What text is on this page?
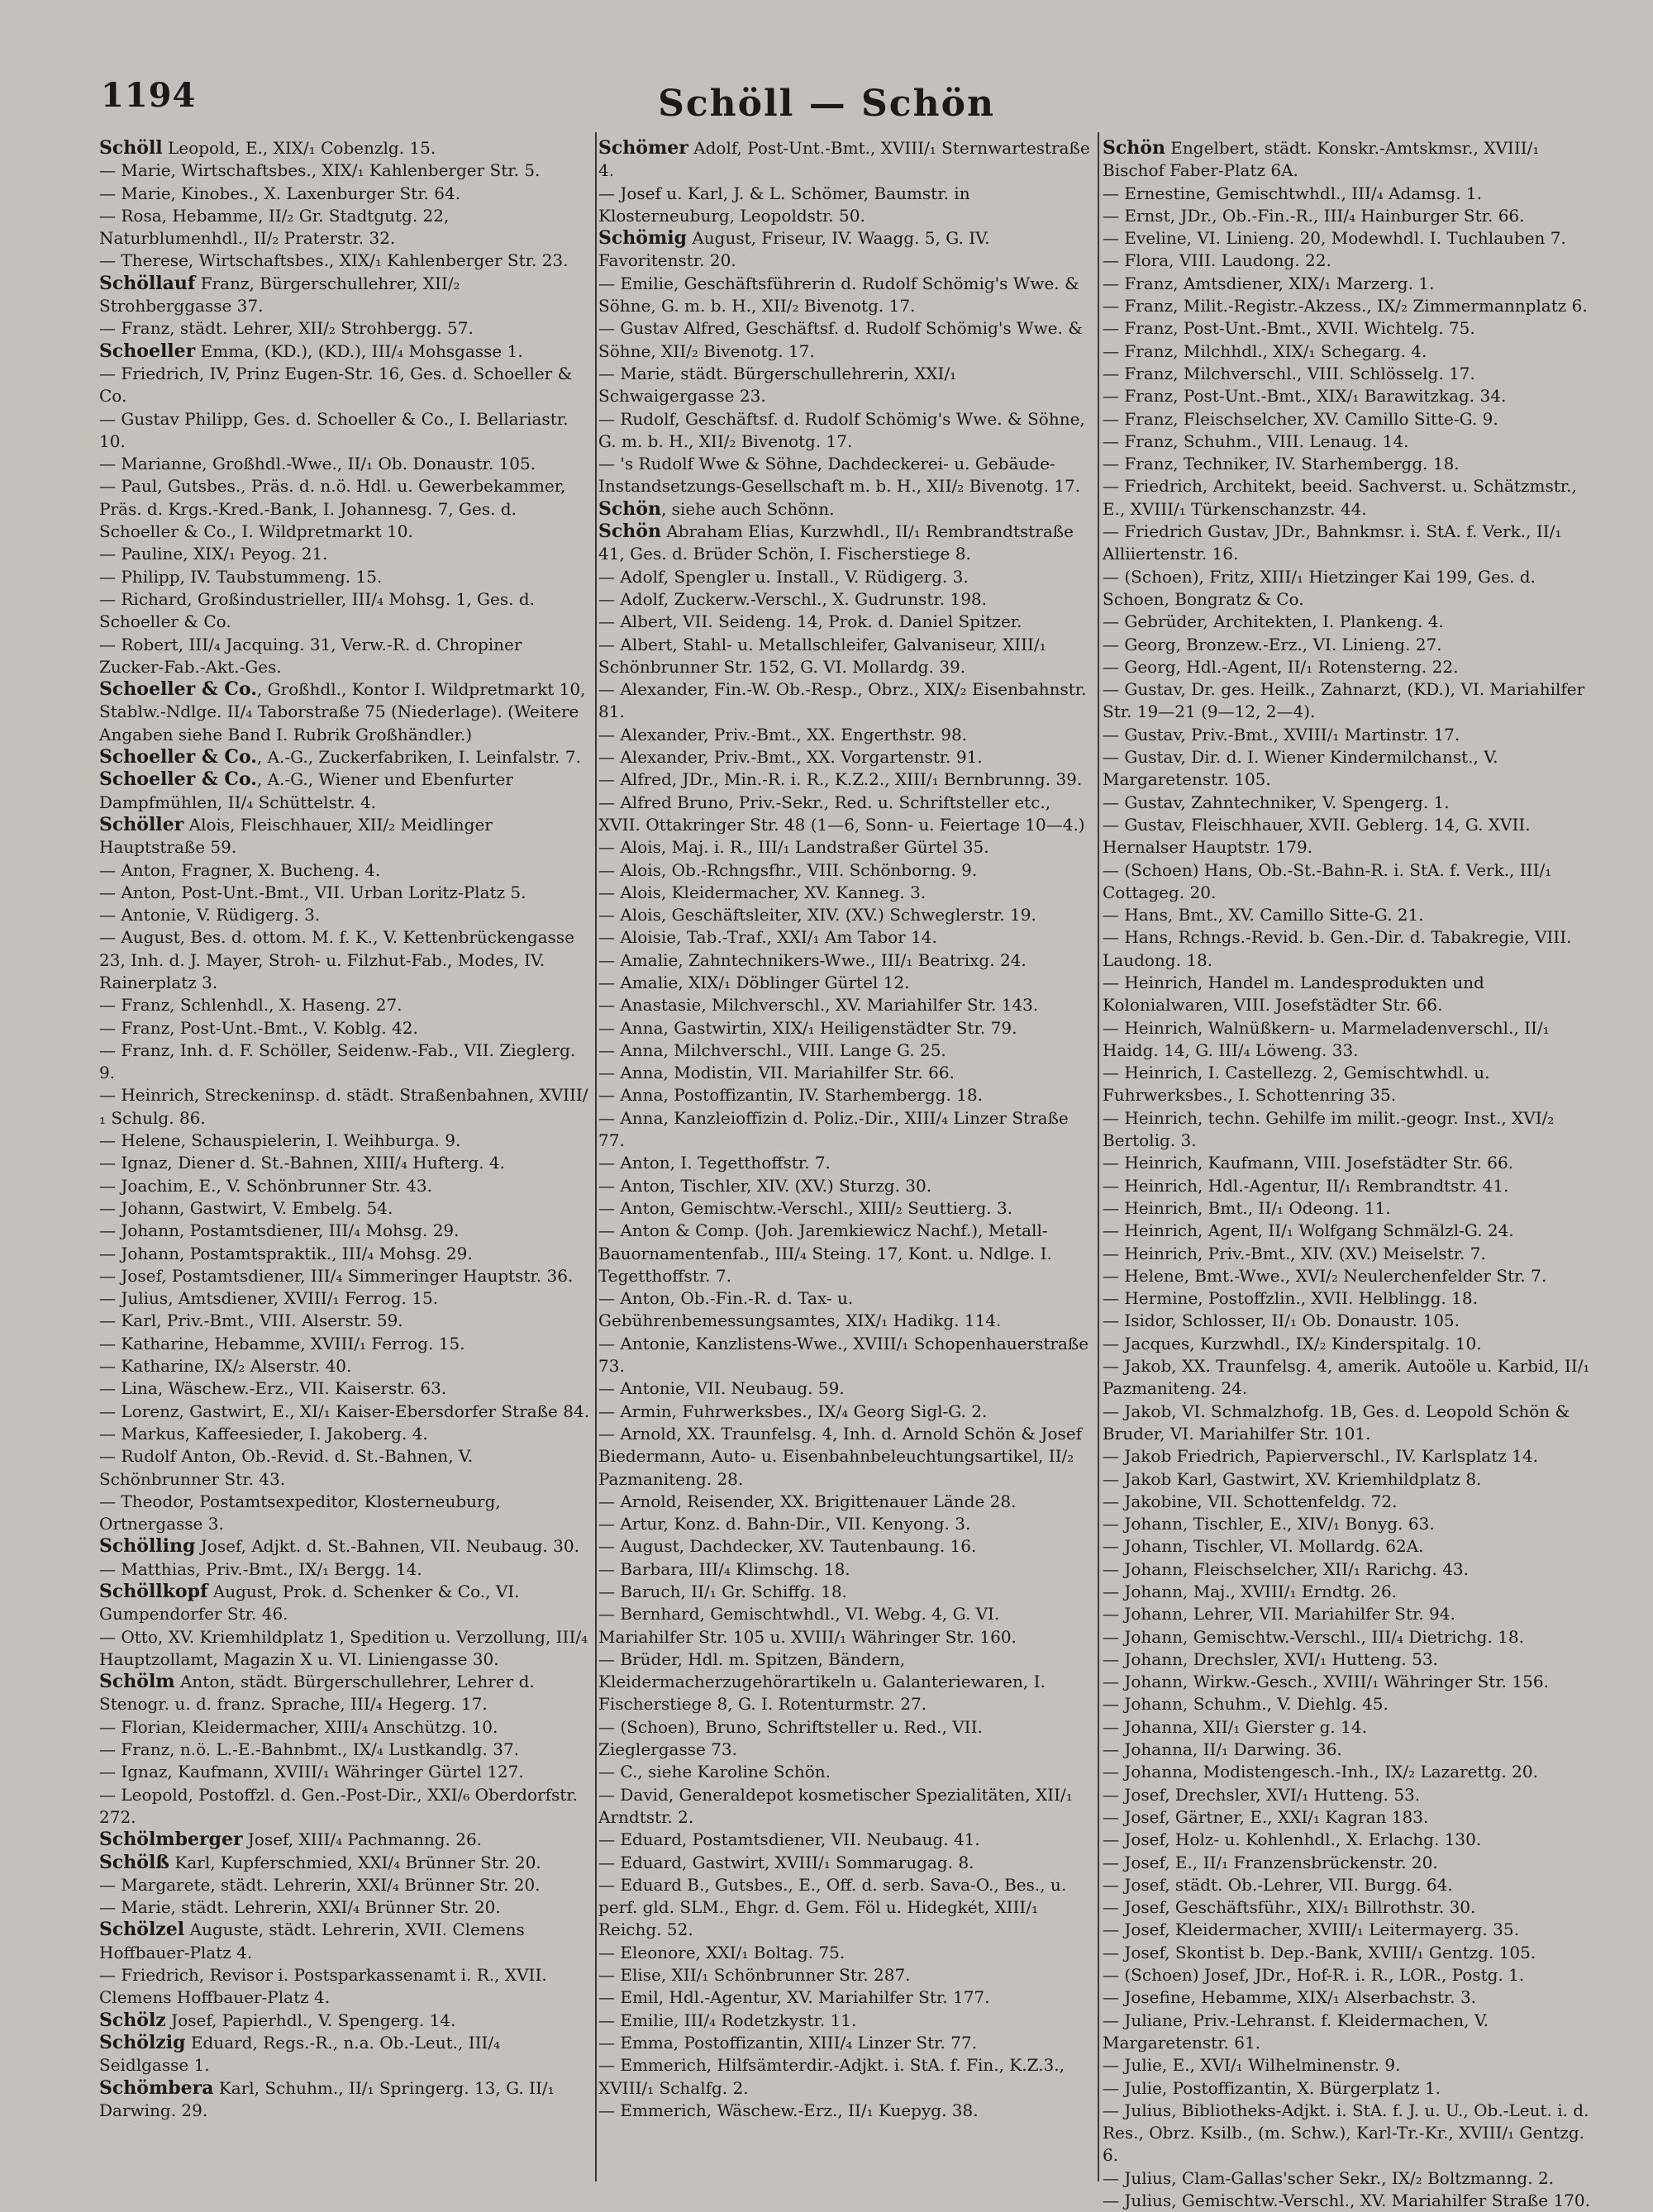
1194	Schöll — Schön

Schöll Leopold, E., XIX/₁ Cobenzlg. 15.

— Marie, Wirtschaftsbes., XIX/₁ Kahlenberger Str. 5.

— Marie, Kinobes., X. Laxenburger Str. 64.

— Rosa, Hebamme, II/₂ Gr. Stadtgutg. 22, Naturblumenhdl., II/₂ Praterstr. 32.

— Therese, Wirtschaftsbes., XIX/₁ Kahlenberger Str. 23.

Schöllauf Franz, Bürgerschullehrer, XII/₂ Strohberggasse 37.

— Franz, städt. Lehrer, XII/₂ Strohbergg. 57.

Schoeller Emma, (KD.), (KD.), III/₄ Mohsgasse 1.

— Friedrich, IV, Prinz Eugen-Str. 16, Ges. d. Schoeller & Co.

— Gustav Philipp, Ges. d. Schoeller & Co., I. Bellariastr. 10.

— Marianne, Großhdl.-Wwe., II/₁ Ob. Donaustr. 105.

— Paul, Gutsbes., Präs. d. n.ö. Hdl. u. Gewerbekammer, Präs. d. Krgs.-Kred.-Bank, I. Johannesg. 7, Ges. d. Schoeller & Co., I. Wildpretmarkt 10.

— Pauline, XIX/₁ Peyog. 21.

— Philipp, IV. Taubstummeng. 15.

— Richard, Großindustrieller, III/₄ Mohsg. 1, Ges. d. Schoeller & Co.

— Robert, III/₄ Jacquing. 31, Verw.-R. d. Chropiner Zucker-Fab.-Akt.-Ges.

Schoeller & Co., Großhdl., Kontor I. Wildpretmarkt 10, Stablw.-Ndlge. II/₄ Taborstraße 75 (Niederlage). (Weitere Angaben siehe Band I. Rubrik Großhändler.)

Schoeller & Co., A.-G., Zuckerfabriken, I. Leinfalstr. 7.

Schoeller & Co., A.-G., Wiener und Ebenfurter Dampfmühlen, II/₄ Schüttelstr. 4.

Schöller Alois, Fleischhauer, XII/₂ Meidlinger Hauptstraße 59.

— Anton, Fragner, X. Bucheng. 4.

— Anton, Post-Unt.-Bmt., VII. Urban Loritz-Platz 5.

— Antonie, V. Rüdigerg. 3.

— August, Bes. d. ottom. M. f. K., V. Kettenbrückengasse 23, Inh. d. J. Mayer, Stroh- u. Filzhut-Fab., Modes, IV. Rainerplatz 3.

— Franz, Schlenhdl., X. Haseng. 27.

— Franz, Post-Unt.-Bmt., V. Koblg. 42.

— Franz, Inh. d. F. Schöller, Seidenw.-Fab., VII. Zieglerg. 9.

— Heinrich, Streckeninsp. d. städt. Straßenbahnen, XVIII/₁ Schulg. 86.

— Helene, Schauspielerin, I. Weihburga. 9.

— Ignaz, Diener d. St.-Bahnen, XIII/₄ Hufterg. 4.

— Joachim, E., V. Schönbrunner Str. 43.

— Johann, Gastwirt, V. Embelg. 54.

— Johann, Postamtsdiener, III/₄ Mohsg. 29.

— Johann, Postamtspraktik., III/₄ Mohsg. 29.

— Josef, Postamtsdiener, III/₄ Simmeringer Hauptstr. 36.

— Julius, Amtsdiener, XVIII/₁ Ferrog. 15.

— Karl, Priv.-Bmt., VIII. Alserstr. 59.

— Katharine, Hebamme, XVIII/₁ Ferrog. 15.

— Katharine, IX/₂ Alserstr. 40.

— Lina, Wäschew.-Erz., VII. Kaiserstr. 63.

— Lorenz, Gastwirt, E., XI/₁ Kaiser-Ebersdorfer Straße 84.

— Markus, Kaffeesieder, I. Jakoberg. 4.

— Rudolf Anton, Ob.-Revid. d. St.-Bahnen, V. Schönbrunner Str. 43.

— Theodor, Postamtsexpeditor, Klosterneuburg, Ortnergasse 3.

Schölling Josef, Adjkt. d. St.-Bahnen, VII. Neubaug. 30.

— Matthias, Priv.-Bmt., IX/₁ Bergg. 14.

Schöllkopf August, Prok. d. Schenker & Co., VI. Gumpendorfer Str. 46.

— Otto, XV. Kriemhildplatz 1, Spedition u. Verzollung, III/₄ Hauptzollamt, Magazin X u. VI. Liniengasse 30.

Schölm Anton, städt. Bürgerschullehrer, Lehrer d. Stenogr. u. d. franz. Sprache, III/₄ Hegerg. 17.

— Florian, Kleidermacher, XIII/₄ Anschützg. 10.

— Franz, n.ö. L.-E.-Bahnbmt., IX/₄ Lustkandlg. 37.

— Ignaz, Kaufmann, XVIII/₁ Währinger Gürtel 127.

— Leopold, Postoffzl. d. Gen.-Post-Dir., XXI/₆ Oberdorfstr. 272.

Schölmberger Josef, XIII/₄ Pachmanng. 26.

Schölß Karl, Kupferschmied, XXI/₄ Brünner Str. 20.

— Margarete, städt. Lehrerin, XXI/₄ Brünner Str. 20.

— Marie, städt. Lehrerin, XXI/₄ Brünner Str. 20.

Schölzel Auguste, städt. Lehrerin, XVII. Clemens Hoffbauer-Platz 4.

— Friedrich, Revisor i. Postsparkassenamt i. R., XVII. Clemens Hoffbauer-Platz 4.

Schölz Josef, Papierhdl., V. Spengerg. 14.

Schölzig Eduard, Regs.-R., n.a. Ob.-Leut., III/₄ Seidlgasse 1.

Schömbera Karl, Schuhm., II/₁ Springerg. 13, G. II/₁ Darwing. 29.

Schömer Adolf, Post-Unt.-Bmt., XVIII/₁ Sternwartestraße 4.

— Josef u. Karl, J. & L. Schömer, Baumstr. in Klosterneuburg, Leopoldstr. 50.

Schömig August, Friseur, IV. Waagg. 5, G. IV. Favoritenstr. 20.

— Emilie, Geschäftsführerin d. Rudolf Schömig's Wwe. & Söhne, G. m. b. H., XII/₂ Bivenotg. 17.

— Gustav Alfred, Geschäftsf. d. Rudolf Schömig's Wwe. & Söhne, XII/₂ Bivenotg. 17.

— Marie, städt. Bürgerschullehrerin, XXI/₁ Schwaigergasse 23.

— Rudolf, Geschäftsf. d. Rudolf Schömig's Wwe. & Söhne, G. m. b. H., XII/₂ Bivenotg. 17.

— 's Rudolf Wwe & Söhne, Dachdeckerei- u. Gebäude-Instandsetzungs-Gesellschaft m. b. H., XII/₂ Bivenotg. 17.

Schön, siehe auch Schönn.

Schön Abraham Elias, Kurzwhdl., II/₁ Rembrandtstraße 41, Ges. d. Brüder Schön, I. Fischerstiege 8.

— Adolf, Spengler u. Install., V. Rüdigerg. 3.

— Adolf, Zuckerw.-Verschl., X. Gudrunstr. 198.

— Albert, VII. Seideng. 14, Prok. d. Daniel Spitzer.

— Albert, Stahl- u. Metallschleifer, Galvaniseur, XIII/₁ Schönbrunner Str. 152, G. VI. Mollardg. 39.

— Alexander, Fin.-W. Ob.-Resp., Obrz., XIX/₂ Eisenbahnstr. 81.

— Alexander, Priv.-Bmt., XX. Engerthstr. 98.

— Alexander, Priv.-Bmt., XX. Vorgartenstr. 91.

— Alfred, JDr., Min.-R. i. R., K.Z.2., XIII/₁ Bernbrunng. 39.

— Alfred Bruno, Priv.-Sekr., Red. u. Schriftsteller etc., XVII. Ottakringer Str. 48 (1—6, Sonn- u. Feiertage 10—4.)

— Alois, Maj. i. R., III/₁ Landstraßer Gürtel 35.

— Alois, Ob.-Rchngsfhr., VIII. Schönborng. 9.

— Alois, Kleidermacher, XV. Kanneg. 3.

— Alois, Geschäftsleiter, XIV. (XV.) Schweglerstr. 19.

— Aloisie, Tab.-Traf., XXI/₁ Am Tabor 14.

— Amalie, Zahntechnikers-Wwe., III/₁ Beatrixg. 24.

— Amalie, XIX/₁ Döblinger Gürtel 12.

— Anastasie, Milchverschl., XV. Mariahilfer Str. 143.

— Anna, Gastwirtin, XIX/₁ Heiligenstädter Str. 79.

— Anna, Milchverschl., VIII. Lange G. 25.

— Anna, Modistin, VII. Mariahilfer Str. 66.

— Anna, Postoffizantin, IV. Starhembergg. 18.

— Anna, Kanzleioffizin d. Poliz.-Dir., XIII/₄ Linzer Straße 77.

— Anton, I. Tegetthoffstr. 7.

— Anton, Tischler, XIV. (XV.) Sturzg. 30.

— Anton, Gemischtw.-Verschl., XIII/₂ Seuttierg. 3.

— Anton & Comp. (Joh. Jaremkiewicz Nachf.), Metall-Bauornamentenfab., III/₄ Steing. 17, Kont. u. Ndlge. I. Tegetthoffstr. 7.

— Anton, Ob.-Fin.-R. d. Tax- u. Gebührenbemessungsamtes, XIX/₁ Hadikg. 114.

— Antonie, Kanzlistens-Wwe., XVIII/₁ Schopenhauerstraße 73.

— Antonie, VII. Neubaug. 59.

— Armin, Fuhrwerksbes., IX/₄ Georg Sigl-G. 2.

— Arnold, XX. Traunfelsg. 4, Inh. d. Arnold Schön & Josef Biedermann, Auto- u. Eisenbahnbeleuchtungsartikel, II/₂ Pazmaniteng. 28.

— Arnold, Reisender, XX. Brigittenauer Lände 28.

— Artur, Konz. d. Bahn-Dir., VII. Kenyong. 3.

— August, Dachdecker, XV. Tautenbaung. 16.

— Barbara, III/₄ Klimschg. 18.

— Baruch, II/₁ Gr. Schiffg. 18.

— Bernhard, Gemischtwhdl., VI. Webg. 4, G. VI. Mariahilfer Str. 105 u. XVIII/₁ Währinger Str. 160.

— Brüder, Hdl. m. Spitzen, Bändern, Kleidermacherzugehörartikeln u. Galanteriewaren, I. Fischerstiege 8, G. I. Rotenturmstr. 27.

— (Schoen), Bruno, Schriftsteller u. Red., VII. Zieglergasse 73.

— C., siehe Karoline Schön.

— David, Generaldepot kosmetischer Spezialitäten, XII/₁ Arndtstr. 2.

— Eduard, Postamtsdiener, VII. Neubaug. 41.

— Eduard, Gastwirt, XVIII/₁ Sommarugag. 8.

— Eduard B., Gutsbes., E., Off. d. serb. Sava-O., Bes., u. perf. gld. SLM., Ehgr. d. Gem. Föl u. Hidegkét, XIII/₁ Reichg. 52.

— Eleonore, XXI/₁ Boltag. 75.

— Elise, XII/₁ Schönbrunner Str. 287.

— Emil, Hdl.-Agentur, XV. Mariahilfer Str. 177.

— Emilie, III/₄ Rodetzkystr. 11.

— Emma, Postoffizantin, XIII/₄ Linzer Str. 77.

— Emmerich, Hilfsämterdir.-Adjkt. i. StA. f. Fin., K.Z.3., XVIII/₁ Schalfg. 2.

— Emmerich, Wäschew.-Erz., II/₁ Kuepyg. 38.

Schön Engelbert, städt. Konskr.-Amtskmsr., XVIII/₁ Bischof Faber-Platz 6A.

— Ernestine, Gemischtwhdl., III/₄ Adamsg. 1.

— Ernst, JDr., Ob.-Fin.-R., III/₄ Hainburger Str. 66.

— Eveline, VI. Linieng. 20, Modewhdl. I. Tuchlauben 7.

— Flora, VIII. Laudong. 22.

— Franz, Amtsdiener, XIX/₁ Marzerg. 1.

— Franz, Milit.-Registr.-Akzess., IX/₂ Zimmermannplatz 6.

— Franz, Post-Unt.-Bmt., XVII. Wichtelg. 75.

— Franz, Milchhdl., XIX/₁ Schegarg. 4.

— Franz, Milchverschl., VIII. Schlösselg. 17.

— Franz, Post-Unt.-Bmt., XIX/₁ Barawitzkag. 34.

— Franz, Fleischselcher, XV. Camillo Sitte-G. 9.

— Franz, Schuhm., VIII. Lenaug. 14.

— Franz, Techniker, IV. Starhembergg. 18.

— Friedrich, Architekt, beeid. Sachverst. u. Schätzmstr., E., XVIII/₁ Türkenschanzstr. 44.

— Friedrich Gustav, JDr., Bahnkmsr. i. StA. f. Verk., II/₁ Alliiertenstr. 16.

— (Schoen), Fritz, XIII/₁ Hietzinger Kai 199, Ges. d. Schoen, Bongratz & Co.

— Gebrüder, Architekten, I. Plankeng. 4.

— Georg, Bronzew.-Erz., VI. Linieng. 27.

— Georg, Hdl.-Agent, II/₁ Rotensterng. 22.

— Gustav, Dr. ges. Heilk., Zahnarzt, (KD.), VI. Mariahilfer Str. 19—21 (9—12, 2—4).

— Gustav, Priv.-Bmt., XVIII/₁ Martinstr. 17.

— Gustav, Dir. d. I. Wiener Kindermilchanst., V. Margaretenstr. 105.

— Gustav, Zahntechniker, V. Spengerg. 1.

— Gustav, Fleischhauer, XVII. Geblerg. 14, G. XVII. Hernalser Hauptstr. 179.

— (Schoen) Hans, Ob.-St.-Bahn-R. i. StA. f. Verk., III/₁ Cottageg. 20.

— Hans, Bmt., XV. Camillo Sitte-G. 21.

— Hans, Rchngs.-Revid. b. Gen.-Dir. d. Tabakregie, VIII. Laudong. 18.

— Heinrich, Handel m. Landesprodukten und Kolonialwaren, VIII. Josefstädter Str. 66.

— Heinrich, Walnüßkern- u. Marmeladenverschl., II/₁ Haidg. 14, G. III/₄ Löweng. 33.

— Heinrich, I. Castellezg. 2, Gemischtwhdl. u. Fuhrwerksbes., I. Schottenring 35.

— Heinrich, techn. Gehilfe im milit.-geogr. Inst., XVI/₂ Bertolig. 3.

— Heinrich, Kaufmann, VIII. Josefstädter Str. 66.

— Heinrich, Hdl.-Agentur, II/₁ Rembrandtstr. 41.

— Heinrich, Bmt., II/₁ Odeong. 11.

— Heinrich, Agent, II/₁ Wolfgang Schmälzl-G. 24.

— Heinrich, Priv.-Bmt., XIV. (XV.) Meiselstr. 7.

— Helene, Bmt.-Wwe., XVI/₂ Neulerchenfelder Str. 7.

— Hermine, Postoffzlin., XVII. Helblingg. 18.

— Isidor, Schlosser, II/₁ Ob. Donaustr. 105.

— Jacques, Kurzwhdl., IX/₂ Kinderspitalg. 10.

— Jakob, XX. Traunfelsg. 4, amerik. Autoöle u. Karbid, II/₁ Pazmaniteng. 24.

— Jakob, VI. Schmalzhofg. 1B, Ges. d. Leopold Schön & Bruder, VI. Mariahilfer Str. 101.

— Jakob Friedrich, Papierverschl., IV. Karlsplatz 14.

— Jakob Karl, Gastwirt, XV. Kriemhildplatz 8.

— Jakobine, VII. Schottenfeldg. 72.

— Johann, Tischler, E., XIV/₁ Bonyg. 63.

— Johann, Tischler, VI. Mollardg. 62A.

— Johann, Fleischselcher, XII/₁ Rarichg. 43.

— Johann, Maj., XVIII/₁ Erndtg. 26.

— Johann, Lehrer, VII. Mariahilfer Str. 94.

— Johann, Gemischtw.-Verschl., III/₄ Dietrichg. 18.

— Johann, Drechsler, XVI/₁ Hutteng. 53.

— Johann, Wirkw.-Gesch., XVIII/₁ Währinger Str. 156.

— Johann, Schuhm., V. Diehlg. 45.

— Johanna, XII/₁ Gierster g. 14.

— Johanna, II/₁ Darwing. 36.

— Johanna, Modistengesch.-Inh., IX/₂ Lazarettg. 20.

— Josef, Drechsler, XVI/₁ Hutteng. 53.

— Josef, Gärtner, E., XXI/₁ Kagran 183.

— Josef, Holz- u. Kohlenhdl., X. Erlachg. 130.

— Josef, E., II/₁ Franzensbrückenstr. 20.

— Josef, städt. Ob.-Lehrer, VII. Burgg. 64.

— Josef, Geschäftsführ., XIX/₁ Billrothstr. 30.

— Josef, Kleidermacher, XVIII/₁ Leitermayerg. 35.

— Josef, Skontist b. Dep.-Bank, XVIII/₁ Gentzg. 105.

— (Schoen) Josef, JDr., Hof-R. i. R., LOR., Postg. 1.

— Josefine, Hebamme, XIX/₁ Alserbachstr. 3.

— Juliane, Priv.-Lehranst. f. Kleidermachen, V. Margaretenstr. 61.

— Julie, E., XVI/₁ Wilhelminenstr. 9.

— Julie, Postoffizantin, X. Bürgerplatz 1.

— Julius, Bibliotheks-Adjkt. i. StA. f. J. u. U., Ob.-Leut. i. d. Res., Obrz. Ksilb., (m. Schw.), Karl-Tr.-Kr., XVIII/₁ Gentzg. 6.

— Julius, Clam-Gallas'scher Sekr., IX/₂ Boltzmanng. 2.

— Julius, Gemischtw.-Verschl., XV. Mariahilfer Straße 170.
